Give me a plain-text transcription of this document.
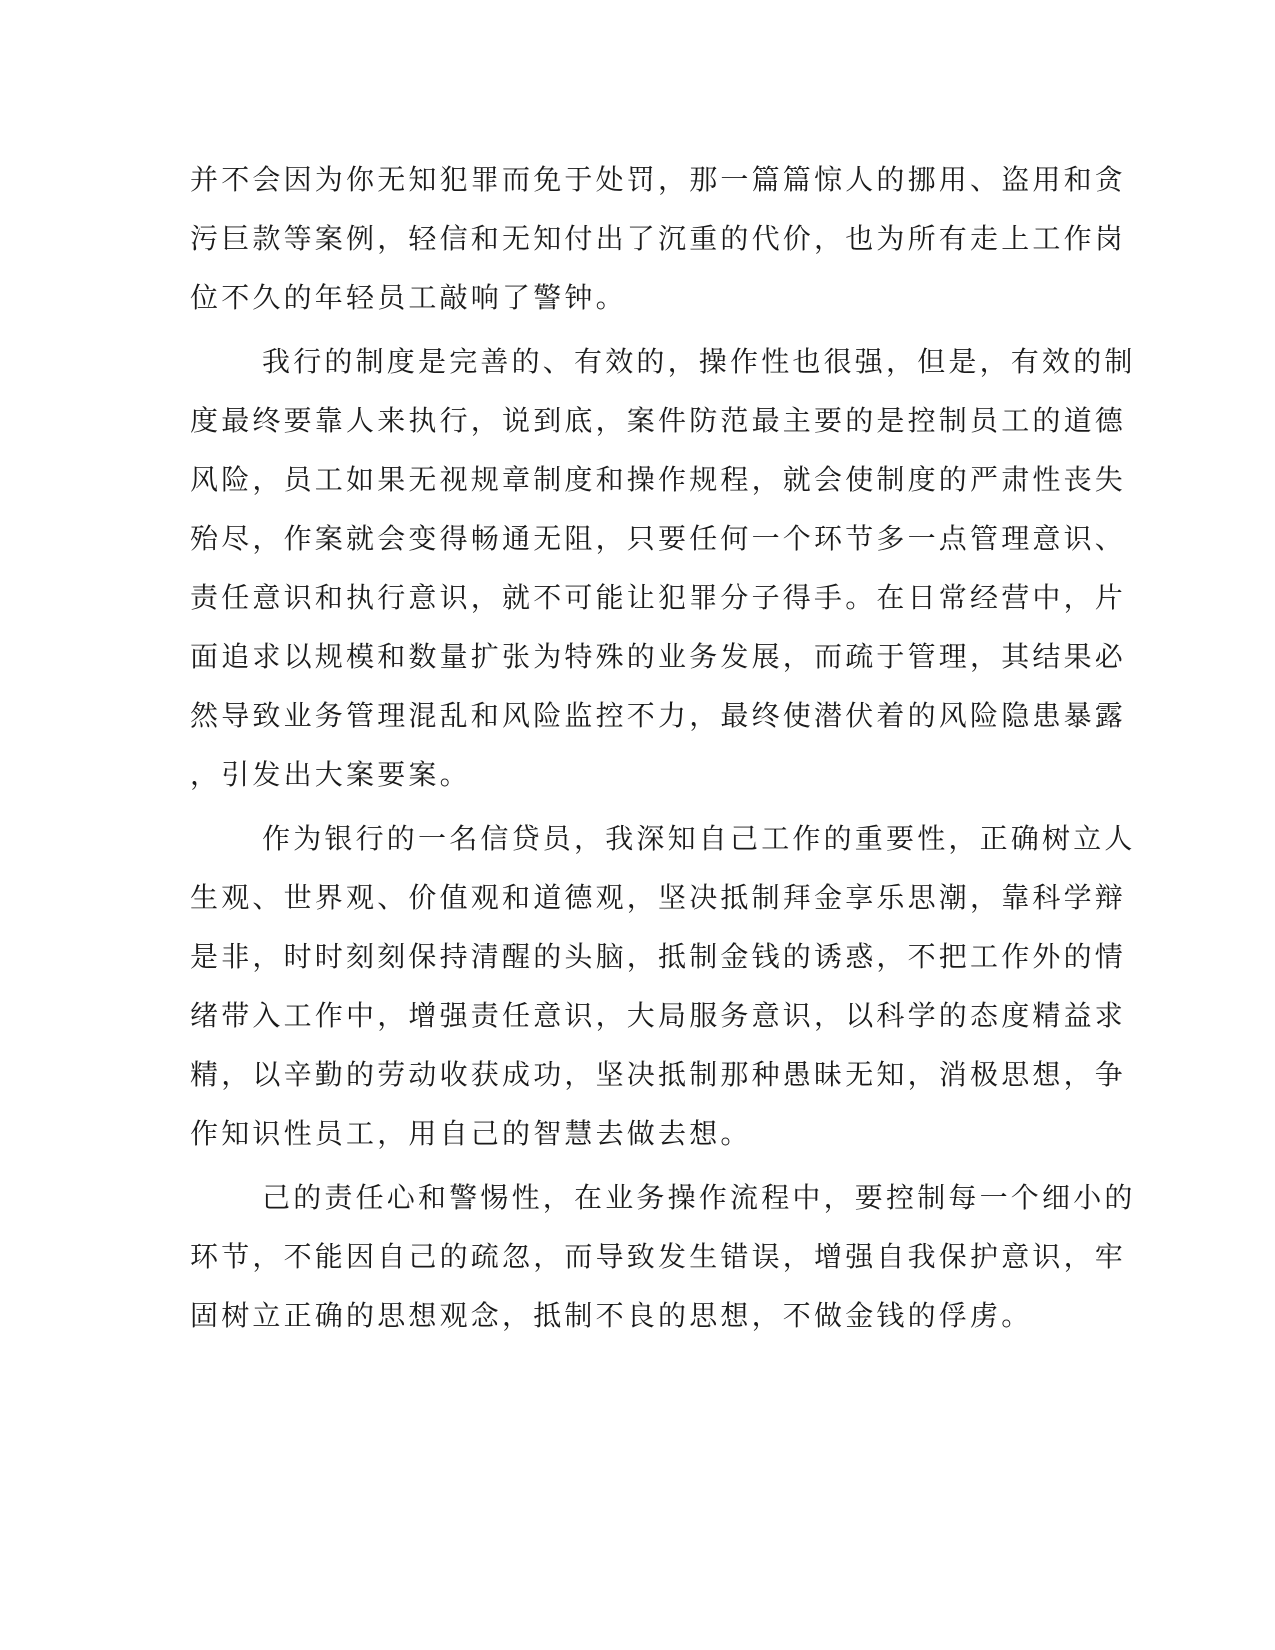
并不会因为你无知犯罪而免于处罚，那一篇篇惊人的挪用、盗用和贪
污巨款等案例，轻信和无知付出了沉重的代价，也为所有走上工作岗
位不久的年轻员工敲响了警钟。
我行的制度是完善的、有效的，操作性也很强，但是，有效的制
度最终要靠人来执行，说到底，案件防范最主要的是控制员工的道德
风险，员工如果无视规章制度和操作规程，就会使制度的严肃性丧失
殆尽，作案就会变得畅通无阻，只要任何一个环节多一点管理意识、
责任意识和执行意识，就不可能让犯罪分子得手。在日常经营中，片
面追求以规模和数量扩张为特殊的业务发展，而疏于管理，其结果必
然导致业务管理混乱和风险监控不力，最终使潜伏着的风险隐患暴露
，引发出大案要案。
作为银行的一名信贷员，我深知自己工作的重要性，正确树立人
生观、世界观、价值观和道德观，坚决抵制拜金享乐思潮，靠科学辩
是非，时时刻刻保持清醒的头脑，抵制金钱的诱惑，不把工作外的情
绪带入工作中，增强责任意识，大局服务意识，以科学的态度精益求
精，以辛勤的劳动收获成功，坚决抵制那种愚昧无知，消极思想，争
作知识性员工，用自己的智慧去做去想。
己的责任心和警惕性，在业务操作流程中，要控制每一个细小的
环节，不能因自己的疏忽，而导致发生错误，增强自我保护意识，牢
固树立正确的思想观念，抵制不良的思想，不做金钱的俘虏。
